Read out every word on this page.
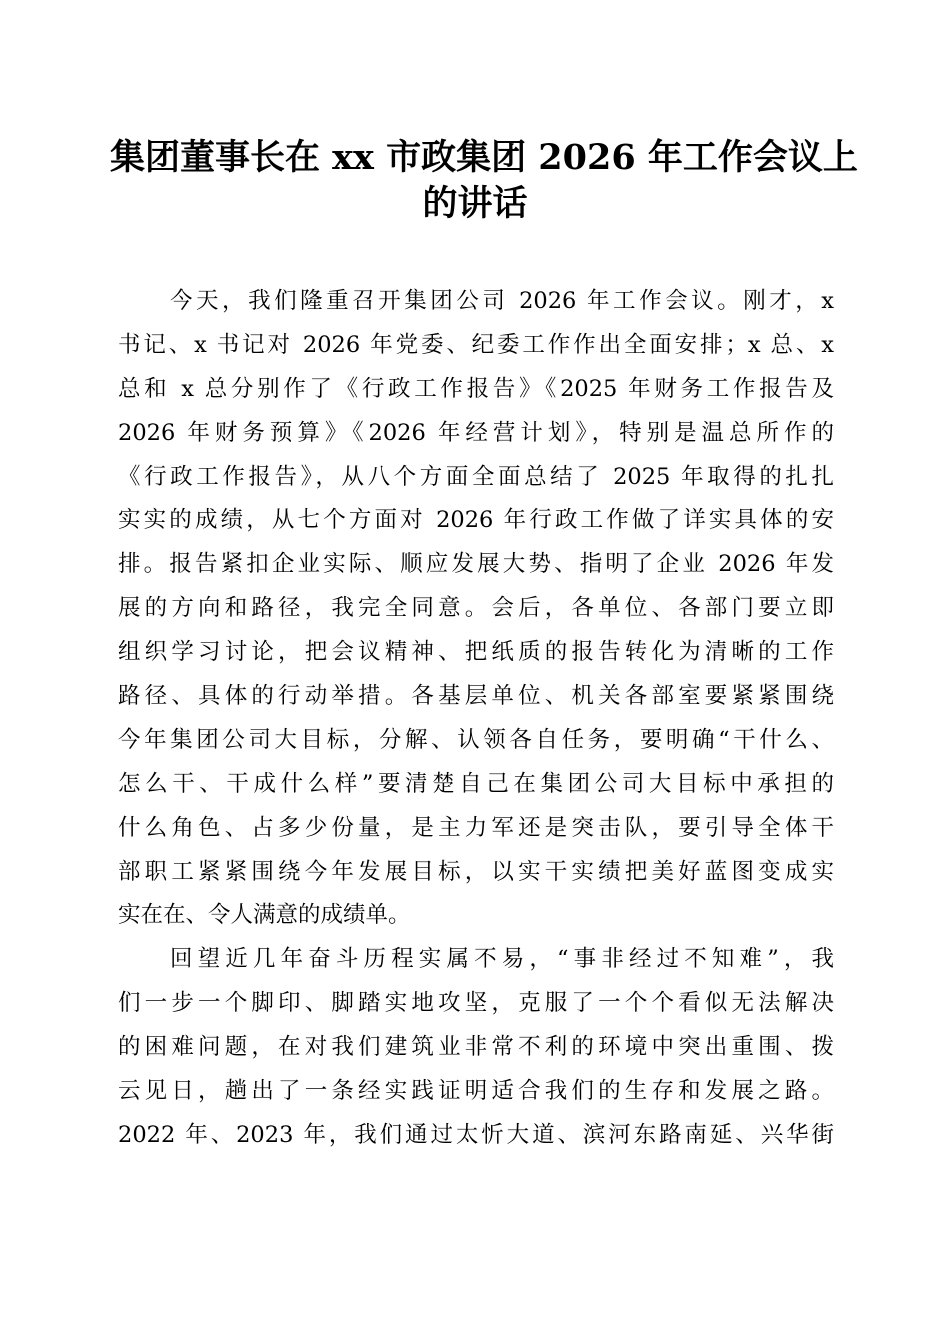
集团董事长在 xx 市政集团 2026 年工作会议上
的讲话
今天，我们隆重召开集团公司 2026 年工作会议。刚才，x
书记、x 书记对 2026 年党委、纪委工作作出全面安排；x 总、x
总和 x 总分别作了《行政工作报告》《2025 年财务工作报告及
2026 年财务预算》《2026 年经营计划》，特别是温总所作的
《行政工作报告》，从八个方面全面总结了 2025 年取得的扎扎
实实的成绩，从七个方面对 2026 年行政工作做了详实具体的安
排。报告紧扣企业实际、顺应发展大势、指明了企业 2026 年发
展的方向和路径，我完全同意。会后，各单位、各部门要立即
组织学习讨论，把会议精神、把纸质的报告转化为清晰的工作
路径、具体的行动举措。各基层单位、机关各部室要紧紧围绕
今年集团公司大目标，分解、认领各自任务，要明确“干什么、
怎么干、干成什么样”要清楚自己在集团公司大目标中承担的
什么角色、占多少份量，是主力军还是突击队，要引导全体干
部职工紧紧围绕今年发展目标，以实干实绩把美好蓝图变成实
实在在、令人满意的成绩单。
回望近几年奋斗历程实属不易，“事非经过不知难”，我
们一步一个脚印、脚踏实地攻坚，克服了一个个看似无法解决
的困难问题，在对我们建筑业非常不利的环境中突出重围、拨
云见日，趟出了一条经实践证明适合我们的生存和发展之路。
2022 年、2023 年，我们通过太忻大道、滨河东路南延、兴华街
